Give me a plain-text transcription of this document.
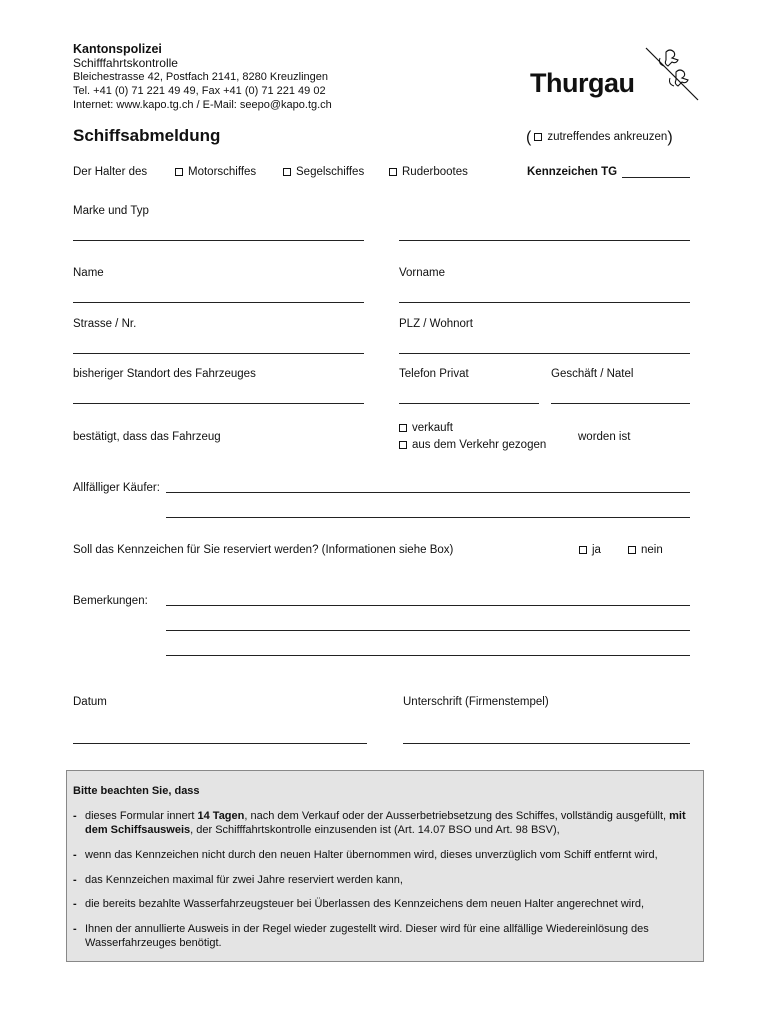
Kantonspolizei
Schifffahrtskontrolle
Bleichestrasse 42, Postfach 2141, 8280 Kreuzlingen
Tel. +41 (0) 71 221 49 49, Fax +41 (0) 71 221 49 02
Internet: www.kapo.tg.ch / E-Mail: seepo@kapo.tg.ch
Thurgau
Schiffsabmeldung	( zutreffendes ankreuzen)
Der Halter des	Motorschiffes	Segelschiffes	Ruderbootes	Kennzeichen TG
Marke und Typ
Name	Vorname
Strasse / Nr.	PLZ / Wohnort
bisheriger Standort des Fahrzeuges	Telefon Privat	Geschäft / Natel
bestätigt, dass das Fahrzeug
verkauft
aus dem Verkehr gezogen
worden ist
Allfälliger Käufer:
Soll das Kennzeichen für Sie reserviert werden? (Informationen siehe Box)	ja	nein
Bemerkungen:
Datum	Unterschrift (Firmenstempel)
Bitte beachten Sie, dass
- dieses Formular innert 14 Tagen, nach dem Verkauf oder der Ausserbetriebsetzung des Schiffes, vollständig ausgefüllt, mit dem Schiffsausweis, der Schifffahrtskontrolle einzusenden ist (Art. 14.07 BSO und Art. 98 BSV),
- wenn das Kennzeichen nicht durch den neuen Halter übernommen wird, dieses unverzüglich vom Schiff entfernt wird,
- das Kennzeichen maximal für zwei Jahre reserviert werden kann,
- die bereits bezahlte Wasserfahrzeugsteuer bei Überlassen des Kennzeichens dem neuen Halter angerechnet wird,
- Ihnen der annullierte Ausweis in der Regel wieder zugestellt wird. Dieser wird für eine allfällige Wiedereinlösung des Wasserfahrzeuges benötigt.
